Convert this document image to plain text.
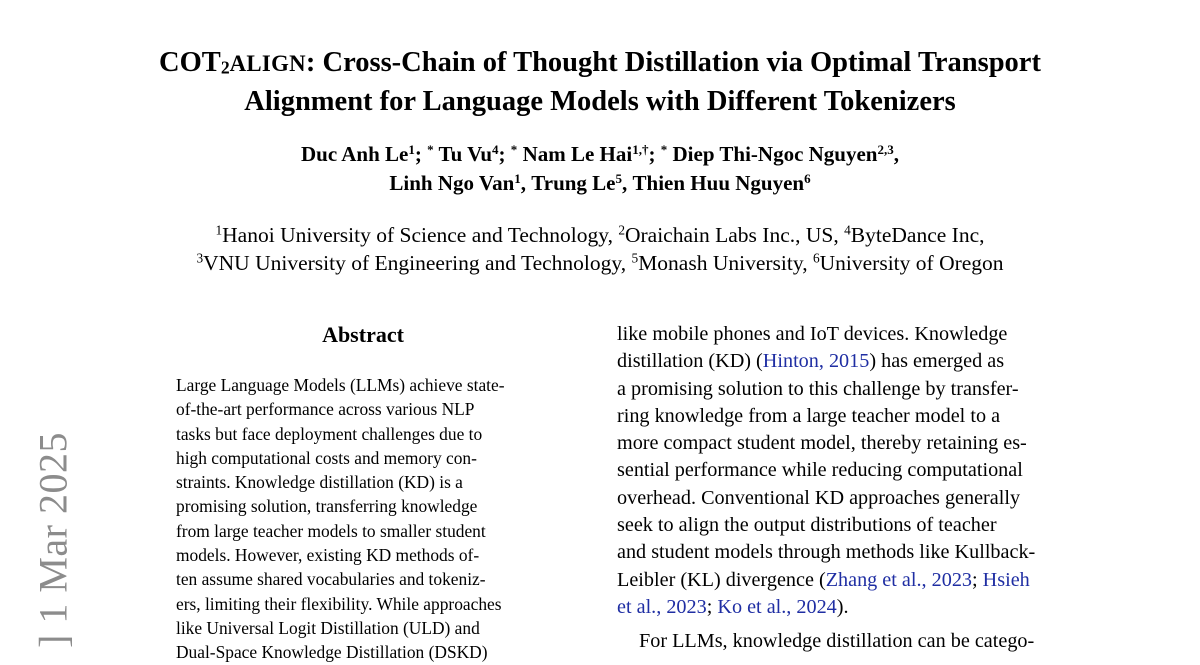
] 1 Mar 2025
COT2ALIGN: Cross-Chain of Thought Distillation via Optimal Transport
Alignment for Language Models with Different Tokenizers
Duc Anh Le$^1$; * Tu Vu$^4$; * Nam Le Hai$^{1,\dagger}$; * Diep Thi-Ngoc Nguyen$^{2,3}$,
Linh Ngo Van$^1$, Trung Le$^5$, Thien Huu Nguyen$^6$
$^1$Hanoi University of Science and Technology, $^2$Oraichain Labs Inc., US, $^4$ByteDance Inc,
$^3$VNU University of Engineering and Technology, $^5$Monash University, $^6$University of Oregon
Abstract
Large Language Models (LLMs) achieve state-
of-the-art performance across various NLP
tasks but face deployment challenges due to
high computational costs and memory con-
straints. Knowledge distillation (KD) is a
promising solution, transferring knowledge
from large teacher models to smaller student
models. However, existing KD methods of-
ten assume shared vocabularies and tokeniz-
ers, limiting their flexibility. While approaches
like Universal Logit Distillation (ULD) and
Dual-Space Knowledge Distillation (DSKD)
like mobile phones and IoT devices. Knowledge
distillation (KD) (Hinton, 2015) has emerged as
a promising solution to this challenge by transfer-
ring knowledge from a large teacher model to a
more compact student model, thereby retaining es-
sential performance while reducing computational
overhead. Conventional KD approaches generally
seek to align the output distributions of teacher
and student models through methods like Kullback-
Leibler (KL) divergence (Zhang et al., 2023; Hsieh
et al., 2023; Ko et al., 2024).
For LLMs, knowledge distillation can be catego-
